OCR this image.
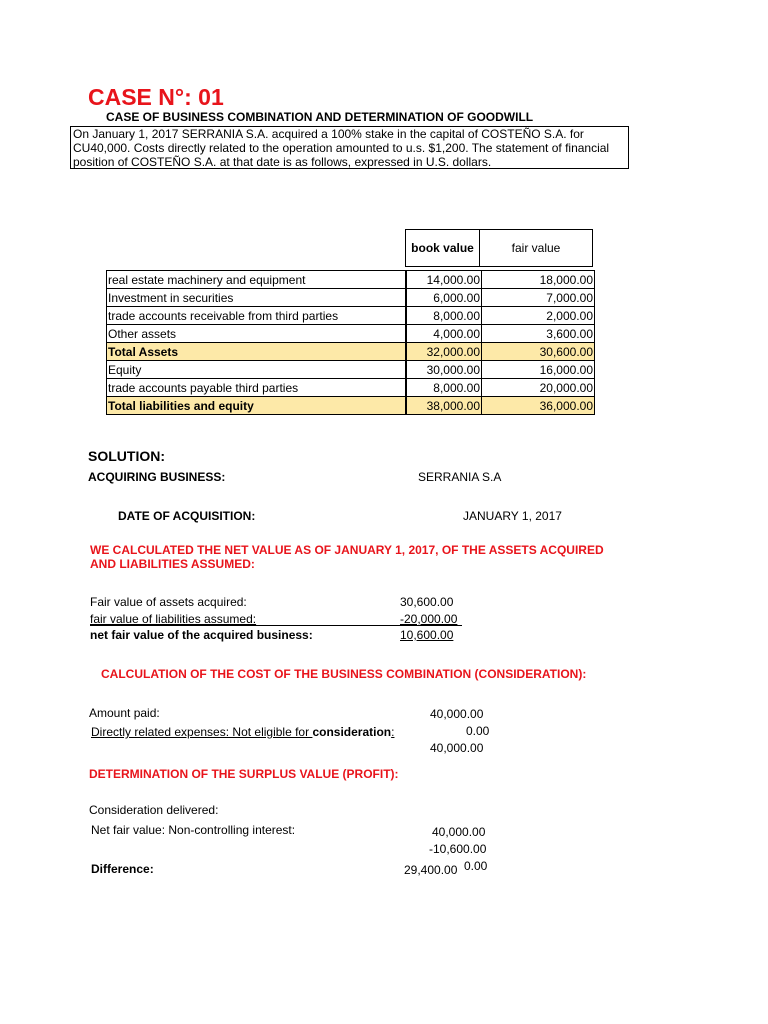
CASE N°: 01
CASE OF BUSINESS COMBINATION AND DETERMINATION OF GOODWILL
On January 1, 2017 SERRANIA S.A. acquired a 100% stake in the capital of COSTEÑO S.A. for CU40,000. Costs directly related to the operation amounted to u.s. $1,200. The statement of financial position of COSTEÑO S.A. at that date is as follows, expressed in U.S. dollars.
book value	fair value
real estate machinery and equipment		14,000.00	18,000.00
Investment in securities		6,000.00	7,000.00
trade accounts receivable from third parties		8,000.00	2,000.00
Other assets		4,000.00	3,600.00
Total Assets		32,000.00	30,600.00
Equity		30,000.00	16,000.00
trade accounts payable third parties		8,000.00	20,000.00
Total liabilities and equity		38,000.00	36,000.00
SOLUTION:
ACQUIRING BUSINESS:	SERRANIA S.A
DATE OF ACQUISITION:	JANUARY 1, 2017
WE CALCULATED THE NET VALUE AS OF JANUARY 1, 2017, OF THE ASSETS ACQUIRED AND LIABILITIES ASSUMED:
Fair value of assets acquired:	30,600.00
fair value of liabilities assumed:	-20,000.00
net fair value of the acquired business:	10,600.00
CALCULATION OF THE COST OF THE BUSINESS COMBINATION (CONSIDERATION):
Amount paid:	40,000.00
Directly related expenses: Not eligible for consideration:	0.00
40,000.00
DETERMINATION OF THE SURPLUS VALUE (PROFIT):
Consideration delivered:
Net fair value: Non-controlling interest:	40,000.00
-10,600.00
Difference:	29,400.00 0.00
